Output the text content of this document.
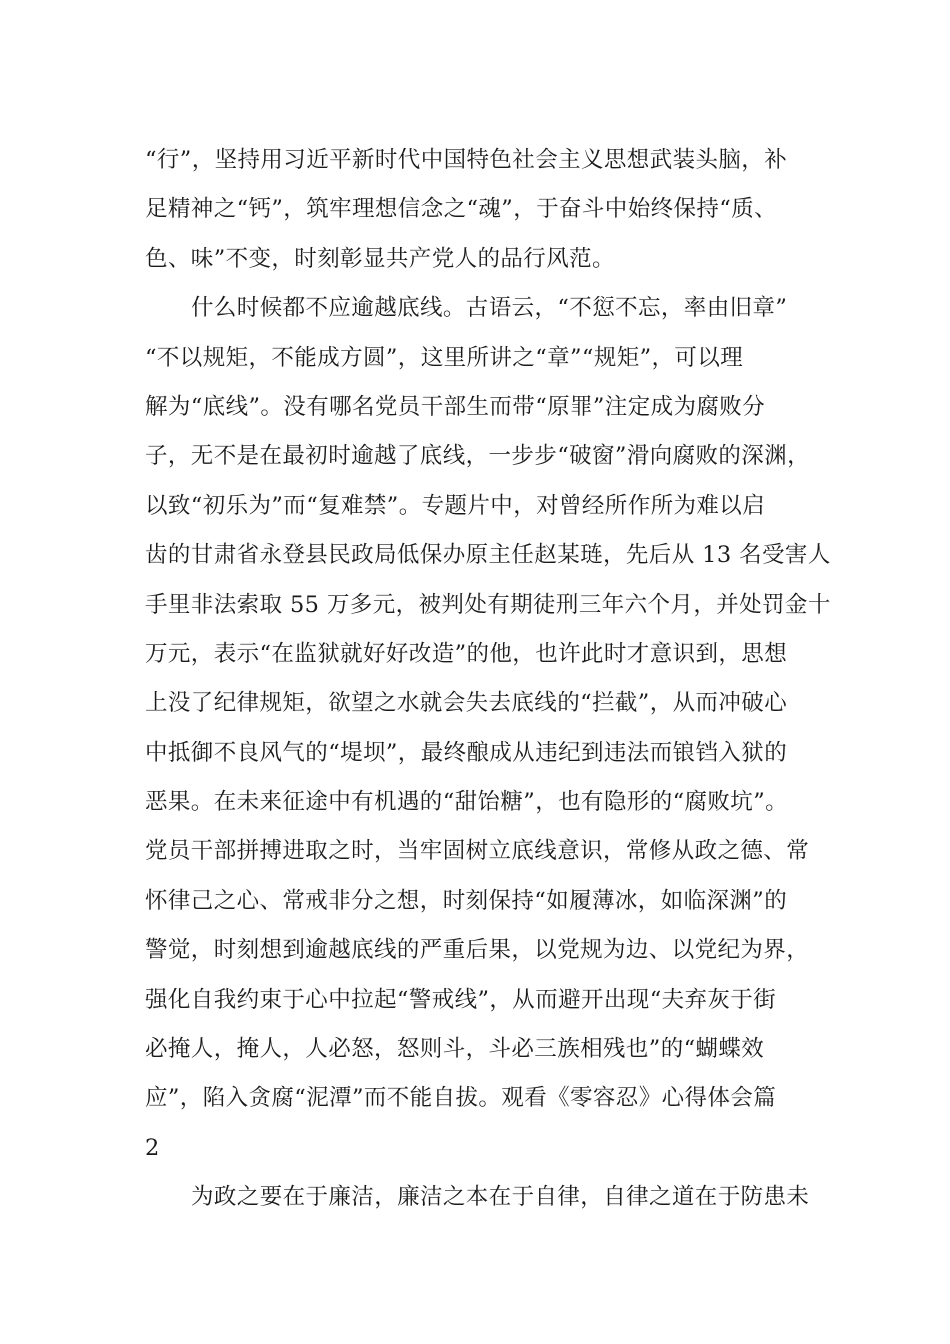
“行”，坚持用习近平新时代中国特色社会主义思想武装头脑，补
足精神之“钙”，筑牢理想信念之“魂”，于奋斗中始终保持“质、
色、味”不变，时刻彰显共产党人的品行风范。
什么时候都不应逾越底线。古语云，“不愆不忘，率由旧章”
“不以规矩，不能成方圆”，这里所讲之“章”“规矩”，可以理
解为“底线”。没有哪名党员干部生而带“原罪”注定成为腐败分
子，无不是在最初时逾越了底线，一步步“破窗”滑向腐败的深渊，
以致“初乐为”而“复难禁”。专题片中，对曾经所作所为难以启
齿的甘肃省永登县民政局低保办原主任赵某琏，先后从 13 名受害人
手里非法索取 55 万多元，被判处有期徒刑三年六个月，并处罚金十
万元，表示“在监狱就好好改造”的他，也许此时才意识到，思想
上没了纪律规矩，欲望之水就会失去底线的“拦截”，从而冲破心
中抵御不良风气的“堤坝”，最终酿成从违纪到违法而锒铛入狱的
恶果。在未来征途中有机遇的“甜饴糖”，也有隐形的“腐败坑”。
党员干部拼搏进取之时，当牢固树立底线意识，常修从政之德、常
怀律己之心、常戒非分之想，时刻保持“如履薄冰，如临深渊”的
警觉，时刻想到逾越底线的严重后果，以党规为边、以党纪为界，
强化自我约束于心中拉起“警戒线”，从而避开出现“夫弃灰于街
必掩人，掩人，人必怒，怒则斗，斗必三族相残也”的“蝴蝶效
应”，陷入贪腐“泥潭”而不能自拔。观看《零容忍》心得体会篇
2
为政之要在于廉洁，廉洁之本在于自律，自律之道在于防患未
